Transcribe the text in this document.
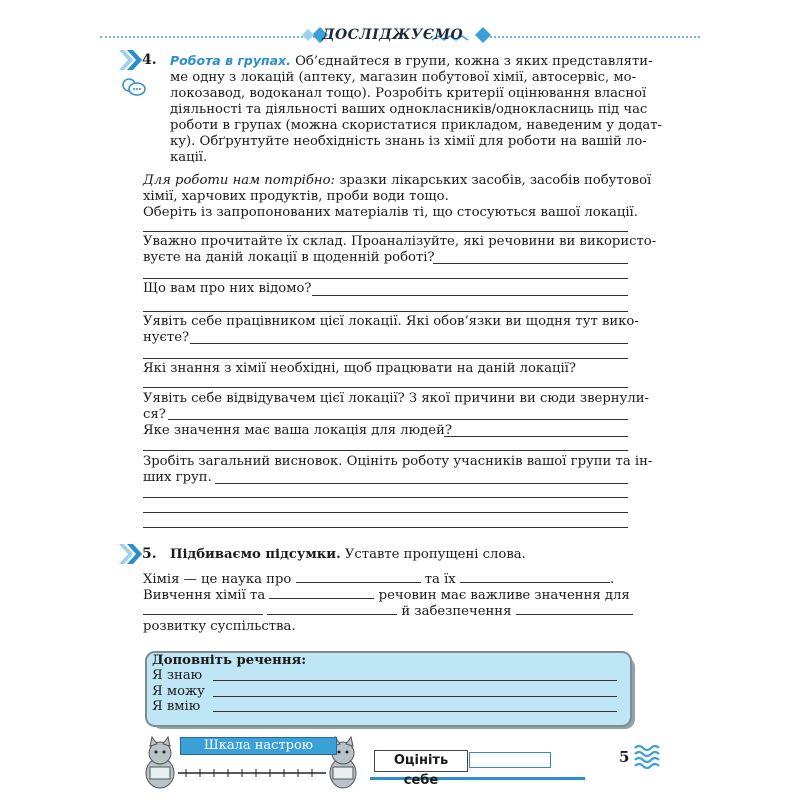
ДОСЛІДЖУЄМО
4. Робота в групах. Об’єднайтеся в групи, кожна з яких представляти-
ме одну з локацій (аптеку, магазин побутової хімії, автосервіс, мо-
локозавод, водоканал тощо). Розробіть критерії оцінювання власної
діяльності та діяльності ваших однокласників/однокласниць під час
роботи в групах (можна скористатися прикладом, наведеним у додат-
ку). Обґрунтуйте необхідність знань із хімії для роботи на вашій ло-
кації.
Для роботи нам потрібно: зразки лікарських засобів, засобів побутової
хімії, харчових продуктів, проби води тощо.
Оберіть із запропонованих матеріалів ті, що стосуються вашої локації.
Уважно прочитайте їх склад. Проаналізуйте, які речовини ви використо-
вуєте на даній локації в щоденній роботі?
Що вам про них відомо?
Уявіть себе працівником цієї локації. Які обов’язки ви щодня тут вико-
нуєте?
Які знання з хімії необхідні, щоб працювати на даній локації?
Уявіть себе відвідувачем цієї локації? З якої причини ви сюди звернули-
ся?
Яке значення має ваша локація для людей?
Зробіть загальний висновок. Оцініть роботу учасників вашої групи та ін-
ших груп.
5. Підбиваємо підсумки. Уставте пропущені слова.
Хімія — це наука про	та їх	.
Вивчення хімії та	речовин має важливе значення для
й забезпечення
розвитку суспільства.
Доповніть речення:
Я знаю
Я можу
Я вмію
Шкала настрою
Оцініть себе
5
